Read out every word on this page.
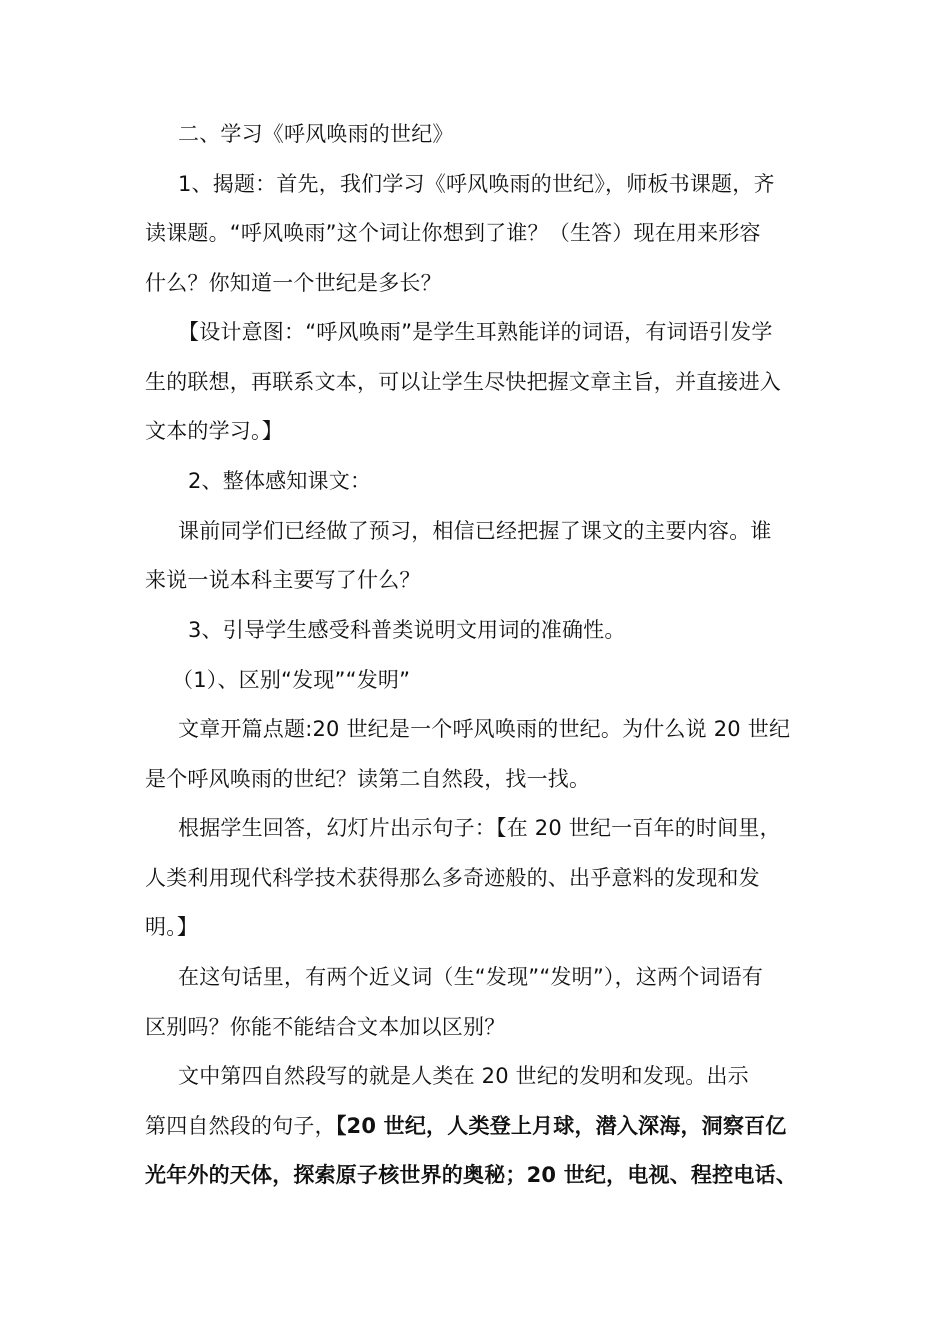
二、学习《呼风唤雨的世纪》
1、揭题：首先，我们学习《呼风唤雨的世纪》，师板书课题，齐
读课题。“呼风唤雨”这个词让你想到了谁？（生答）现在用来形容
什么？你知道一个世纪是多长？
【设计意图：“呼风唤雨”是学生耳熟能详的词语，有词语引发学
生的联想，再联系文本，可以让学生尽快把握文章主旨，并直接进入
文本的学习。】
2、整体感知课文：
课前同学们已经做了预习，相信已经把握了课文的主要内容。谁
来说一说本科主要写了什么？
3、引导学生感受科普类说明文用词的准确性。
（1）、区别“发现”“发明”
文章开篇点题:20 世纪是一个呼风唤雨的世纪。为什么说 20 世纪
是个呼风唤雨的世纪？读第二自然段，找一找。
根据学生回答，幻灯片出示句子：【在 20 世纪一百年的时间里，
人类利用现代科学技术获得那么多奇迹般的、出乎意料的发现和发
明。】
在这句话里，有两个近义词（生“发现”“发明”），这两个词语有
区别吗？你能不能结合文本加以区别？
文中第四自然段写的就是人类在 20 世纪的发明和发现。出示
第四自然段的句子，【20 世纪，人类登上月球，潜入深海，洞察百亿
光年外的天体，探索原子核世界的奥秘；20 世纪，电视、程控电话、
